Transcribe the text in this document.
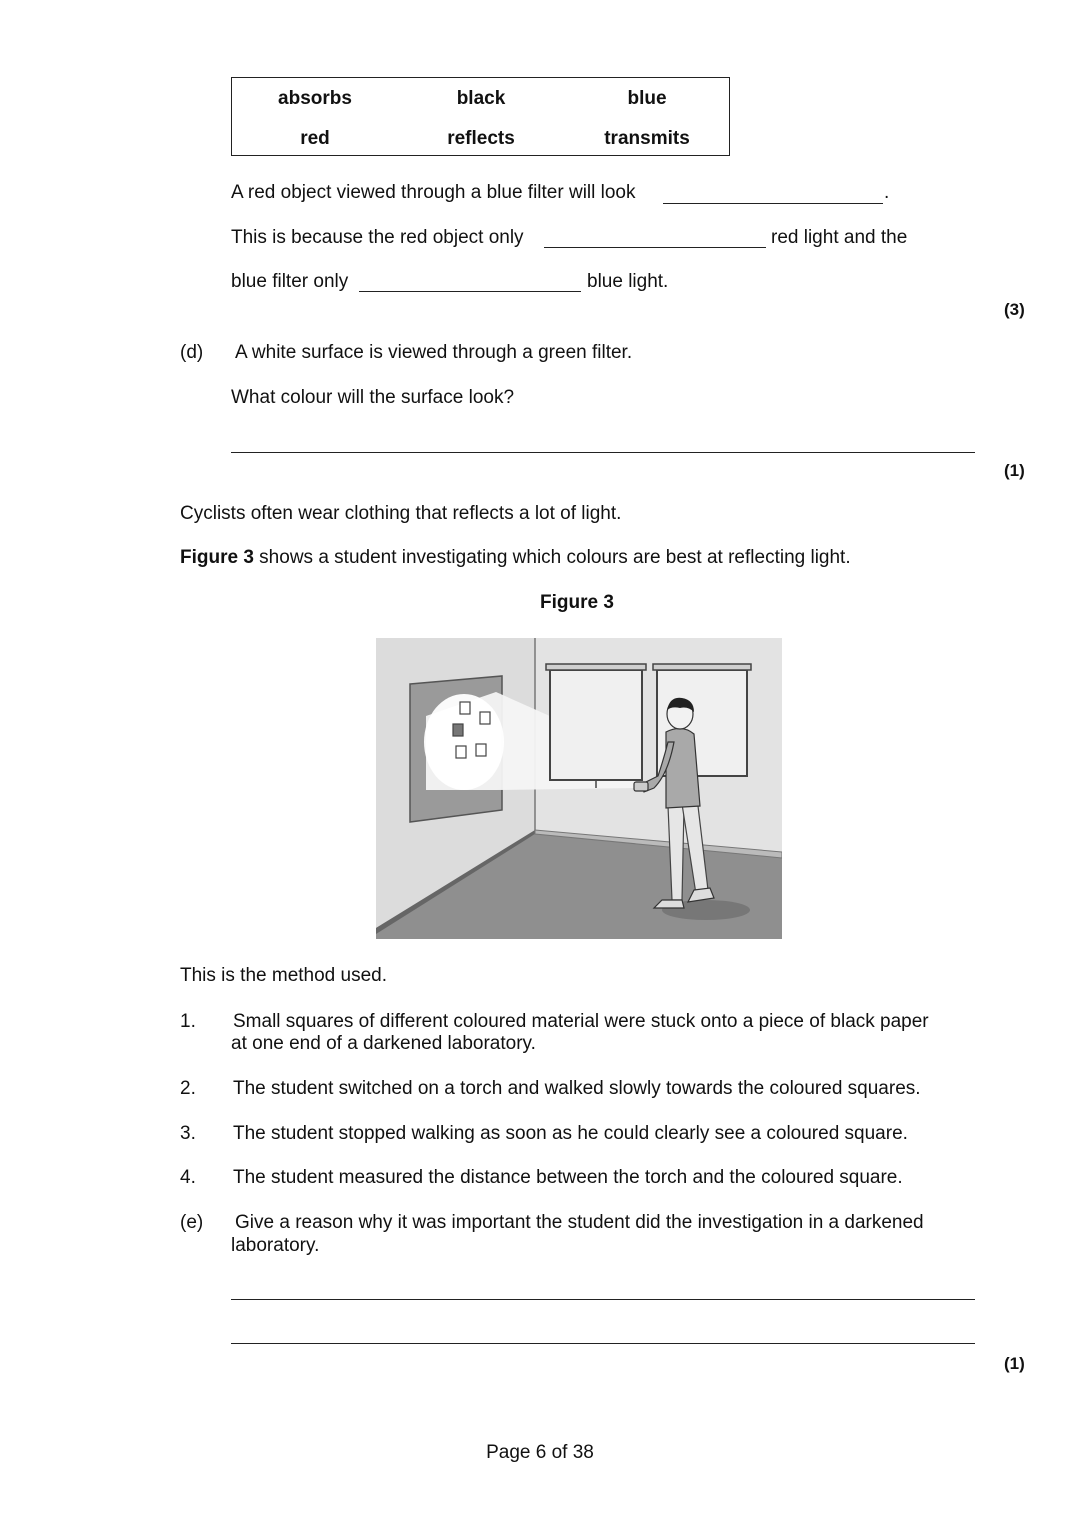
absorbs	black	blue
red	reflects	transmits
A red object viewed through a blue filter will look	.
This is because the red object only	red light and the
blue filter only	blue light.
(3)
(d) A white surface is viewed through a green filter.
What colour will the surface look?
(1)
Cyclists often wear clothing that reflects a lot of light.
Figure 3 shows a student investigating which colours are best at reflecting light.
Figure 3
This is the method used.
1. Small squares of different coloured material were stuck onto a piece of black paper
at one end of a darkened laboratory.
2. The student switched on a torch and walked slowly towards the coloured squares.
3. The student stopped walking as soon as he could clearly see a coloured square.
4. The student measured the distance between the torch and the coloured square.
(e) Give a reason why it was important the student did the investigation in a darkened
laboratory.
(1)
Page 6 of 38
